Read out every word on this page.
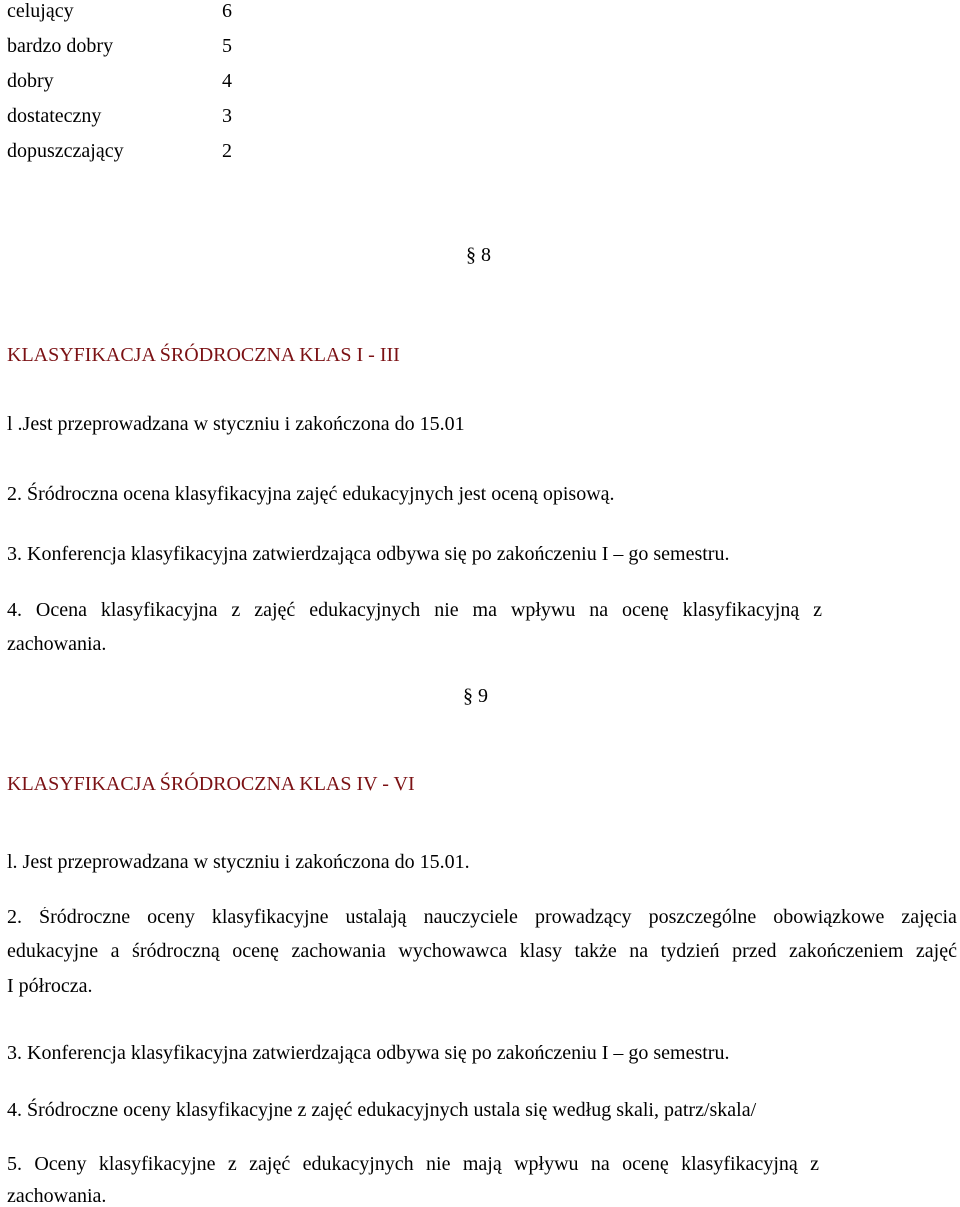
celujący	6
bardzo dobry	5
dobry	4
dostateczny	3
dopuszczający	2
§ 8
KLASYFIKACJA ŚRÓDROCZNA KLAS I - III
l .Jest przeprowadzana w styczniu i zakończona do 15.01
2. Śródroczna ocena klasyfikacyjna zajęć edukacyjnych jest oceną opisową.
3. Konferencja klasyfikacyjna zatwierdzająca odbywa się po zakończeniu I – go semestru.
4. Ocena klasyfikacyjna z zajęć edukacyjnych nie ma wpływu na ocenę klasyfikacyjną z
zachowania.
§ 9
KLASYFIKACJA ŚRÓDROCZNA KLAS IV - VI
l. Jest przeprowadzana w styczniu i zakończona do 15.01.
2. Śródroczne oceny klasyfikacyjne ustalają nauczyciele prowadzący poszczególne obowiązkowe zajęcia
edukacyjne a śródroczną ocenę zachowania wychowawca klasy także na tydzień przed zakończeniem zajęć
I półrocza.
3. Konferencja klasyfikacyjna zatwierdzająca odbywa się po zakończeniu I – go semestru.
4. Śródroczne oceny klasyfikacyjne z zajęć edukacyjnych ustala się według skali, patrz/skala/
5. Oceny klasyfikacyjne z zajęć edukacyjnych nie mają wpływu na ocenę klasyfikacyjną z
zachowania.
